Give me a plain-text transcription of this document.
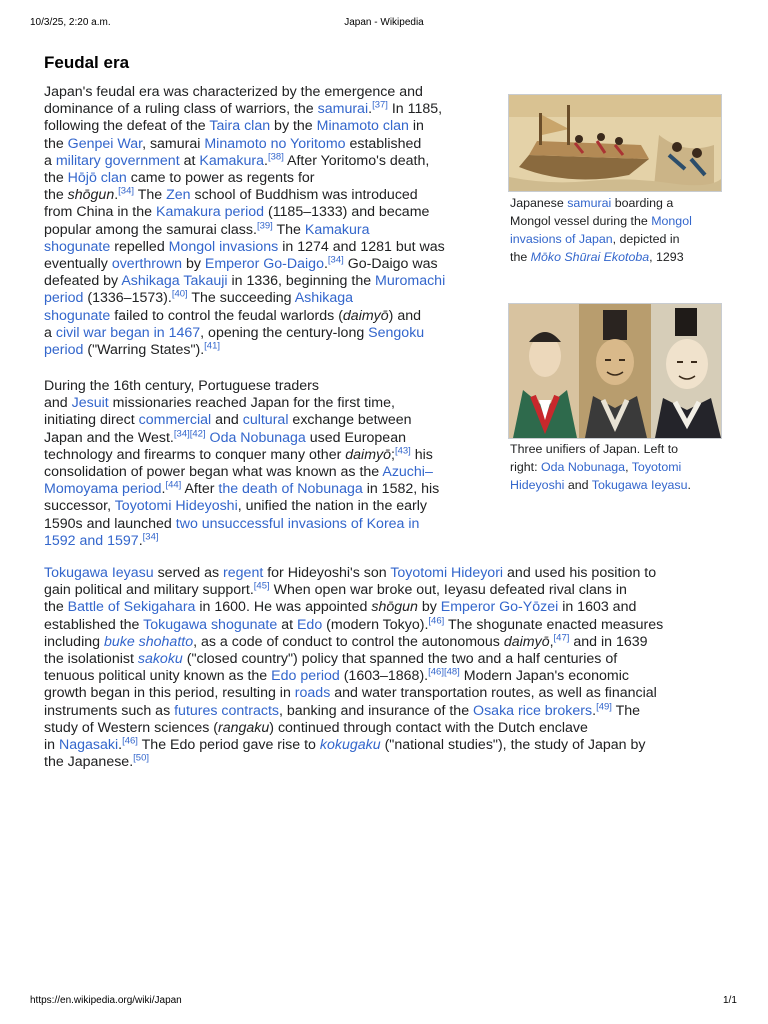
10/3/25, 2:20 a.m.	Japan - Wikipedia
Feudal era
Japan's feudal era was characterized by the emergence and
dominance of a ruling class of warriors, the samurai.[37] In 1185,
following the defeat of the Taira clan by the Minamoto clan in
the Genpei War, samurai Minamoto no Yoritomo established
a military government at Kamakura.[38] After Yoritomo's death,
the Hōjō clan came to power as regents for
the shōgun.[34] The Zen school of Buddhism was introduced
from China in the Kamakura period (1185–1333) and became
popular among the samurai class.[39] The Kamakura
shogunate repelled Mongol invasions in 1274 and 1281 but was
eventually overthrown by Emperor Go-Daigo.[34] Go-Daigo was
defeated by Ashikaga Takauji in 1336, beginning the Muromachi
period (1336–1573).[40] The succeeding Ashikaga
shogunate failed to control the feudal warlords (daimyō) and
a civil war began in 1467, opening the century-long Sengoku
period ("Warring States").[41]
During the 16th century, Portuguese traders
and Jesuit missionaries reached Japan for the first time,
initiating direct commercial and cultural exchange between
Japan and the West.[34][42] Oda Nobunaga used European
technology and firearms to conquer many other daimyō;[43] his
consolidation of power began what was known as the Azuchi–
Momoyama period.[44] After the death of Nobunaga in 1582, his
successor, Toyotomi Hideyoshi, unified the nation in the early
1590s and launched two unsuccessful invasions of Korea in
1592 and 1597.[34]
Tokugawa Ieyasu served as regent for Hideyoshi's son Toyotomi Hideyori and used his position to
gain political and military support.[45] When open war broke out, Ieyasu defeated rival clans in
the Battle of Sekigahara in 1600. He was appointed shōgun by Emperor Go-Yōzei in 1603 and
established the Tokugawa shogunate at Edo (modern Tokyo).[46] The shogunate enacted measures
including buke shohatto, as a code of conduct to control the autonomous daimyō,[47] and in 1639
the isolationist sakoku ("closed country") policy that spanned the two and a half centuries of
tenuous political unity known as the Edo period (1603–1868).[46][48] Modern Japan's economic
growth began in this period, resulting in roads and water transportation routes, as well as financial
instruments such as futures contracts, banking and insurance of the Osaka rice brokers.[49] The
study of Western sciences (rangaku) continued through contact with the Dutch enclave
in Nagasaki.[46] The Edo period gave rise to kokugaku ("national studies"), the study of Japan by
the Japanese.[50]
Japanese samurai boarding a
Mongol vessel during the Mongol
invasions of Japan, depicted in
the Mōko Shūrai Ekotoba, 1293
Three unifiers of Japan. Left to
right: Oda Nobunaga, Toyotomi
Hideyoshi and Tokugawa Ieyasu.
https://en.wikipedia.org/wiki/Japan	1/1
